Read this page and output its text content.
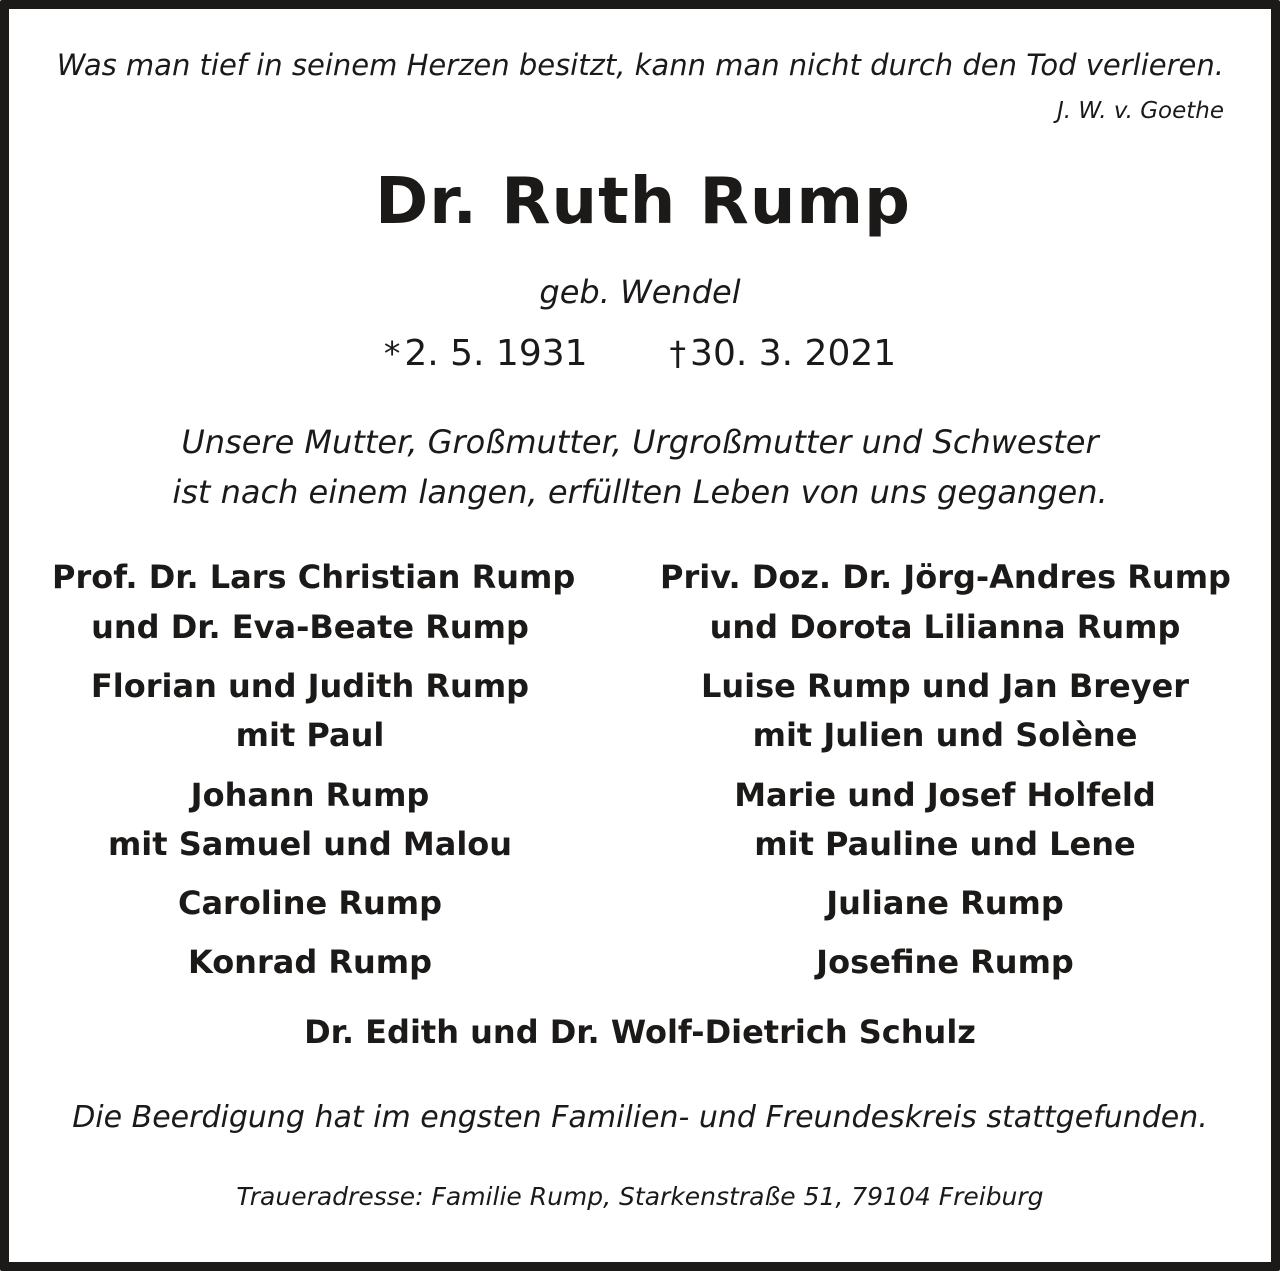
Was man tief in seinem Herzen besitzt, kann man nicht durch den Tod verlieren.
J. W. v. Goethe
Dr. Ruth Rump
geb. Wendel
* 2. 5. 1931 † 30. 3. 2021
Unsere Mutter, Großmutter, Urgroßmutter und Schwester
ist nach einem langen, erfüllten Leben von uns gegangen.
Prof. Dr. Lars Christian Rump
und Dr. Eva-Beate Rump
Florian und Judith Rump
mit Paul
Johann Rump
mit Samuel und Malou
Caroline Rump
Konrad Rump
Priv. Doz. Dr. Jörg-Andres Rump
und Dorota Lilianna Rump
Luise Rump und Jan Breyer
mit Julien und Solène
Marie und Josef Holfeld
mit Pauline und Lene
Juliane Rump
Josefine Rump
Dr. Edith und Dr. Wolf-Dietrich Schulz
Die Beerdigung hat im engsten Familien- und Freundeskreis stattgefunden.
Traueradresse: Familie Rump, Starkenstraße 51, 79104 Freiburg
